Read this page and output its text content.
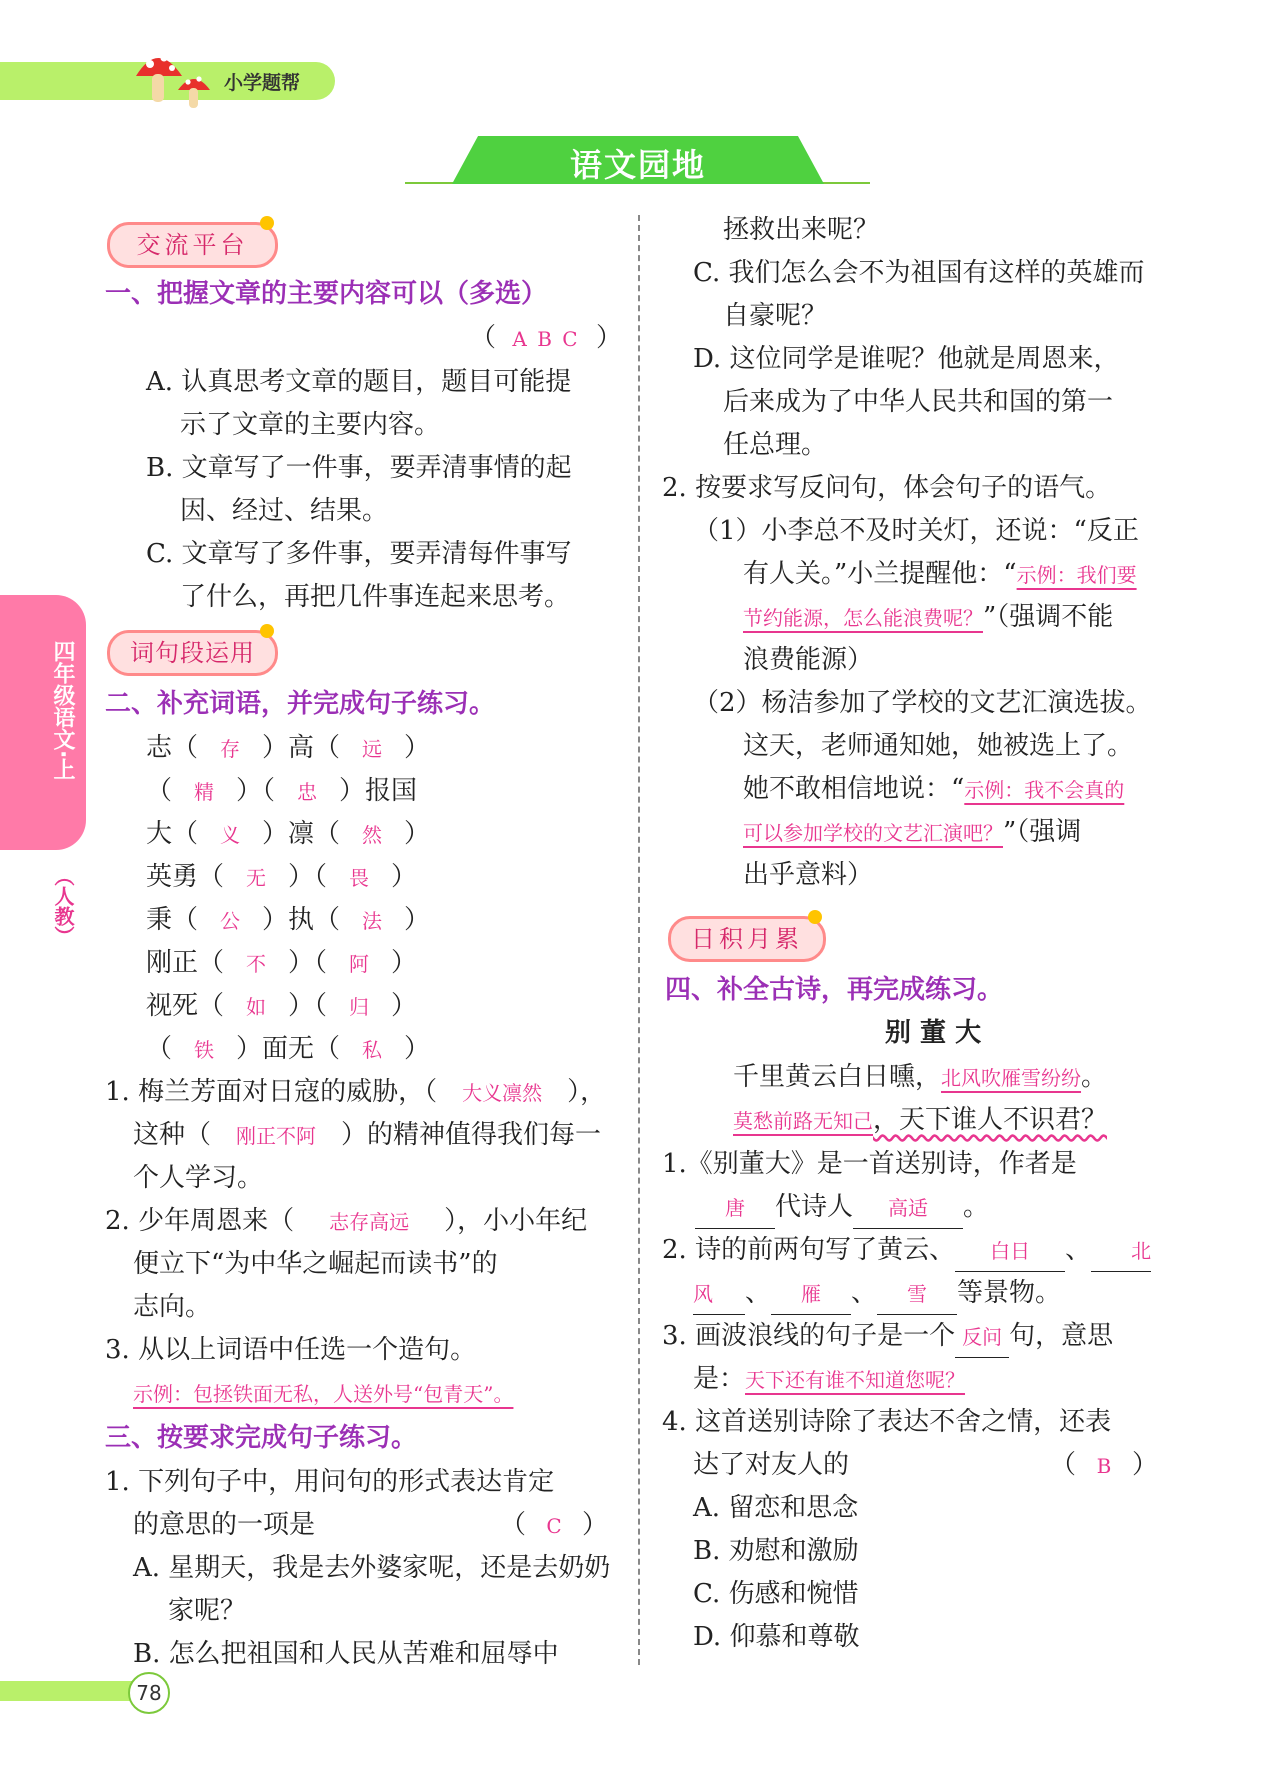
小学题帮
语文园地
四年级语文·上
（人教）
交流平台
一、把握文章的主要内容可以（多选）
（ A B C ）
A. 认真思考文章的题目，题目可能提
示了文章的主要内容。
B. 文章写了一件事，要弄清事情的起
因、经过、结果。
C. 文章写了多件事，要弄清每件事写
了什么，再把几件事连起来思考。
词句段运用
二、补充词语，并完成句子练习。
志（ 存 ）高（ 远 ）
（ 精 ）（ 忠 ）报国
大（ 义 ）凛（ 然 ）
英勇（ 无 ）（ 畏 ）
秉（ 公 ）执（ 法 ）
刚正（ 不 ）（ 阿 ）
视死（ 如 ）（ 归 ）
（ 铁 ）面无（ 私 ）
1. 梅兰芳面对日寇的威胁，（ 大义凛然 ），
这种（ 刚正不阿 ）的精神值得我们每一
个人学习。
2. 少年周恩来（ 志存高远 ），小小年纪
便立下“为中华之崛起而读书”的
志向。
3. 从以上词语中任选一个造句。
示例：包拯铁面无私，人送外号“包青天”。
三、按要求完成句子练习。
1. 下列句子中，用问句的形式表达肯定
的意思的一项是	（ C ）
A. 星期天，我是去外婆家呢，还是去奶奶
家呢？
B. 怎么把祖国和人民从苦难和屈辱中
拯救出来呢？
C. 我们怎么会不为祖国有这样的英雄而
自豪呢？
D. 这位同学是谁呢？他就是周恩来，
后来成为了中华人民共和国的第一
任总理。
2. 按要求写反问句，体会句子的语气。
（1）小李总不及时关灯，还说：“反正
有人关。”小兰提醒他：“示例：我们要
节约能源，怎么能浪费呢？”（强调不能
浪费能源）
（2）杨洁参加了学校的文艺汇演选拔。
这天，老师通知她，她被选上了。
她不敢相信地说：“示例：我不会真的
可以参加学校的文艺汇演吧？”（强调
出乎意料）
日积月累
四、补全古诗，再完成练习。
别 董 大
千里黄云白日曛，北风吹雁雪纷纷。
莫愁前路无知己，天下谁人不识君？
1.《别董大》是一首送别诗，作者是
唐 代诗人 高适 。
2. 诗的前两句写了黄云、 白日 、 北
风 、 雁 、 雪 等景物。
3. 画波浪线的句子是一个 反问 句，意思
是：天下还有谁不知道您呢？
4. 这首送别诗除了表达不舍之情，还表
达了对友人的	（ B ）
A. 留恋和思念
B. 劝慰和激励
C. 伤感和惋惜
D. 仰慕和尊敬
78
